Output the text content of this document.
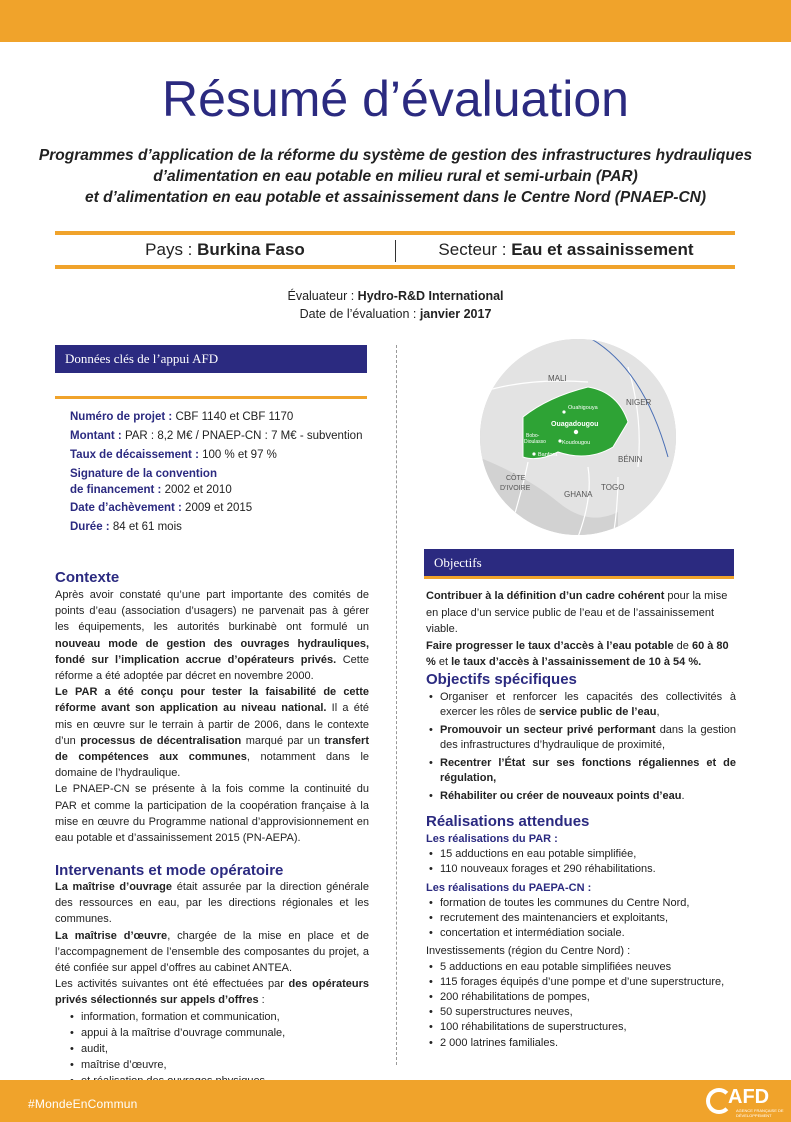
Résumé d’évaluation
Programmes d’application de la réforme du système de gestion des infrastructures hydrauliques
d’alimentation en eau potable en milieu rural et semi-urbain (PAR)
et d’alimentation en eau potable et assainissement dans le Centre Nord (PNAEP-CN)
Pays : Burkina Faso	Secteur : Eau et assainissement
Évaluateur : Hydro-R&D International
Date de l’évaluation : janvier 2017
Données clés de l’appui AFD
Numéro de projet : CBF 1140 et CBF 1170
Montant : PAR : 8,2 M€ / PNAEP-CN : 7 M€ - subvention
Taux de décaissement : 100 % et 97 %
Signature de la convention
de financement : 2002 et 2010
Date d’achèvement : 2009 et 2015
Durée : 84 et 61 mois
Contexte

Après avoir constaté qu’une part importante des comités de points d’eau (association d’usagers) ne parvenait pas à gérer les équipements, les autorités burkinabè ont formulé un nouveau mode de gestion des ouvrages hydrauliques, fondé sur l’implication accrue d’opérateurs privés. Cette réforme a été adoptée par décret en novembre 2000.

Le PAR a été conçu pour tester la faisabilité de cette réforme avant son application au niveau national. Il a été mis en œuvre sur le terrain à partir de 2006, dans le contexte d’un processus de décentralisation marqué par un transfert de compétences aux communes, notamment dans le domaine de l’hydraulique.

Le PNAEP-CN se présente à la fois comme la continuité du PAR et comme la participation de la coopération française à la mise en œuvre du Programme national d’approvisionnement en eau potable et d’assainissement 2015 (PN-AEPA).

Intervenants et mode opératoire

La maîtrise d’ouvrage était assurée par la direction générale des ressources en eau, par les directions régionales et les communes.

La maîtrise d’œuvre, chargée de la mise en place et de l’accompagnement de l’ensemble des composantes du projet, a été confiée sur appel d’offres au cabinet ANTEA.

Les activités suivantes ont été effectuées par des opérateurs privés sélectionnés sur appels d’offres :

• information, formation et communication,
• appui à la maîtrise d’ouvrage communale,
• audit,
• maîtrise d’œuvre,
•
MALI
NIGER
BÉNIN
TOGO
GHANA
CÔTE
D’IVOIRE
Ouahigouya
Ouagadougou
Koudougou
Bobo-
Dioulasso
Banfora
Objectifs

Contribuer à la définition d’un cadre cohérent pour la mise en place d’un service public de l’eau et de l’assainissement viable.

Faire progresser le taux d’accès à l’eau potable de 60 à 80 % et le taux d’accès à l’assainissement de 10 à 54 %.

Objectifs spécifiques
• Organiser et renforcer les capacités des collectivités à exercer les rôles de service public de l’eau,
• Promouvoir un secteur privé performant dans la gestion des infrastructures d’hydraulique de proximité,
• Recentrer l’État sur ses fonctions régaliennes et de régulation,
• Réhabiliter ou créer de nouveaux points d’eau.
Réalisations attendues
Les réalisations du PAR :
• 15 adductions en eau potable simplifiée,
• 110 nouveaux forages et 290 réhabilitations.
Les réalisations du PAEPA-CN :
• formation de toutes les communes du Centre Nord,
• recrutement des maintenanciers et exploitants,
• concertation et intermédiation sociale.
Investissements (région du Centre Nord) :
• 5 adductions en eau potable simplifiées neuves
• 115 forages équipés d’une pompe et d’une superstructure,
• 200 réhabilitations de pompes,
• 50 superstructures neuves,
• 100 réhabilitations de superstructures,
• 2 000 latrines familiales.
#MondeEnCommun	AFD
AGENCE FRANÇAISE DE DÉVELOPPEMENT
